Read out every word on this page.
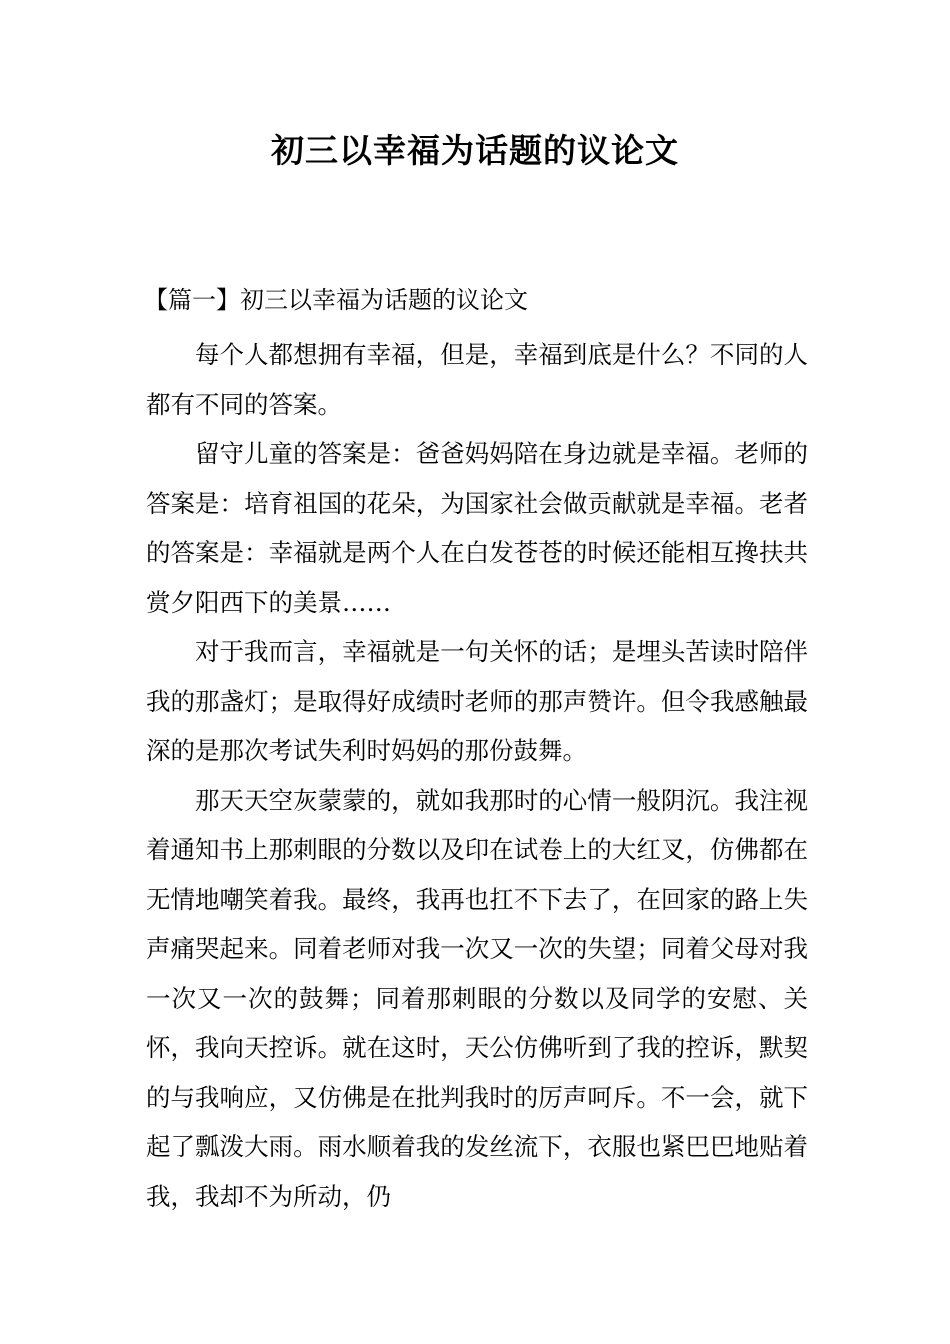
初三以幸福为话题的议论文
【篇一】初三以幸福为话题的议论文

每个人都想拥有幸福，但是，幸福到底是什么？不同的人都有不同的答案。

留守儿童的答案是：爸爸妈妈陪在身边就是幸福。老师的答案是：培育祖国的花朵，为国家社会做贡献就是幸福。老者的答案是：幸福就是两个人在白发苍苍的时候还能相互搀扶共赏夕阳西下的美景……

对于我而言，幸福就是一句关怀的话；是埋头苦读时陪伴我的那盏灯；是取得好成绩时老师的那声赞许。但令我感触最深的是那次考试失利时妈妈的那份鼓舞。

那天天空灰蒙蒙的，就如我那时的心情一般阴沉。我注视着通知书上那刺眼的分数以及印在试卷上的大红叉，仿佛都在无情地嘲笑着我。最终，我再也扛不下去了，在回家的路上失声痛哭起来。同着老师对我一次又一次的失望；同着父母对我一次又一次的鼓舞；同着那刺眼的分数以及同学的安慰、关怀，我向天控诉。就在这时，天公仿佛听到了我的控诉，默契的与我响应，又仿佛是在批判我时的厉声呵斥。不一会，就下起了瓢泼大雨。雨水顺着我的发丝流下，衣服也紧巴巴地贴着我，我却不为所动，仍
